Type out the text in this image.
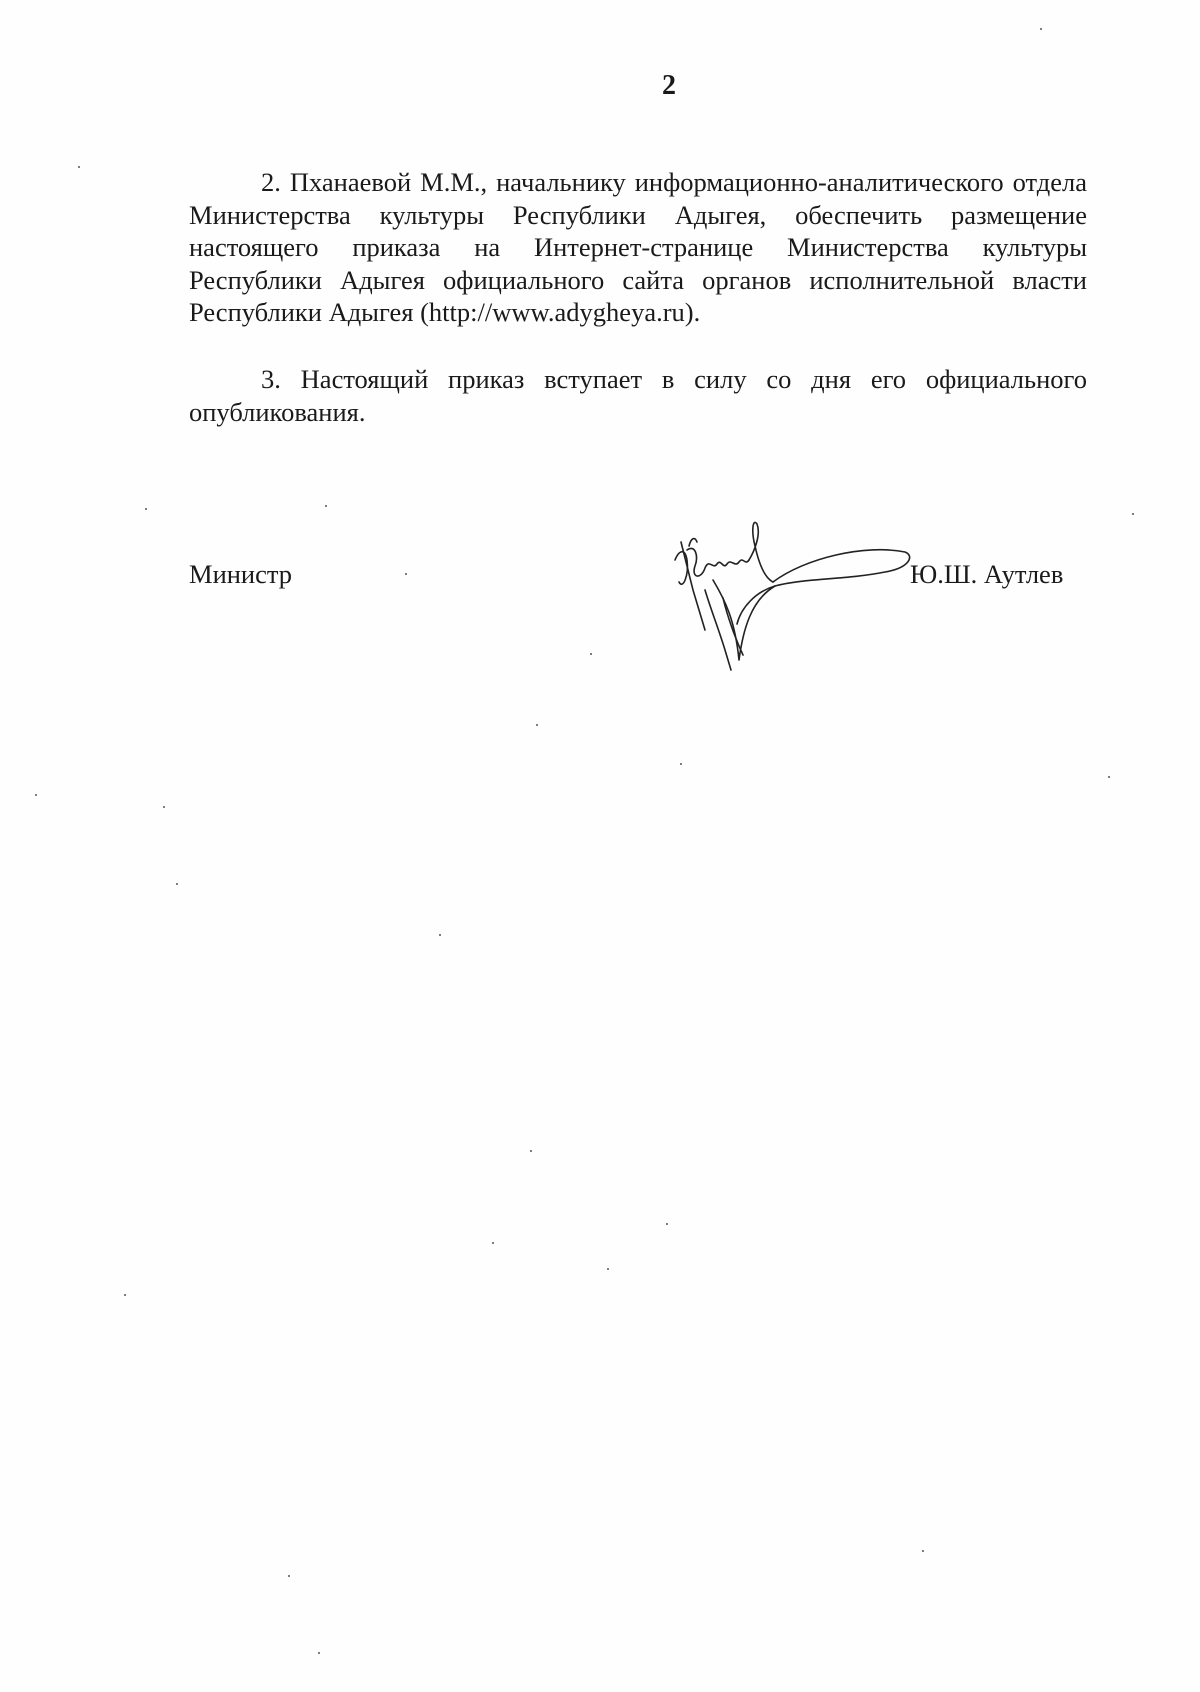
2

2. Пханаевой М.М., начальнику информационно-аналитического отдела Министерства культуры Республики Адыгея, обеспечить размещение настоящего приказа на Интернет-странице Министерства культуры Республики Адыгея официального сайта органов исполнительной власти Республики Адыгея (http://www.adygheya.ru).

3. Настоящий приказ вступает в силу со дня его официального опубликования.

Министр	Ю.Ш. Аутлев
